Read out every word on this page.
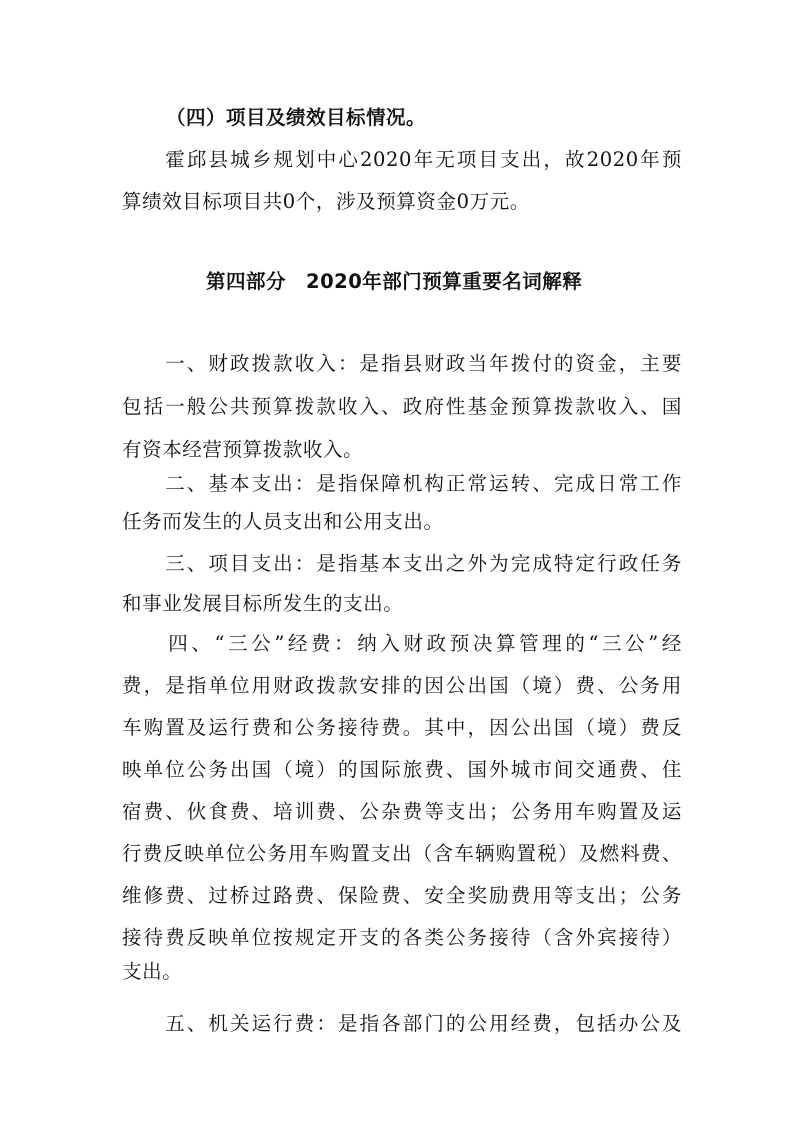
（四）项目及绩效目标情况。
　　霍邱县城乡规划中心2020年无项目支出，故2020年预
算绩效目标项目共0个，涉及预算资金0万元。
第四部分　2020年部门预算重要名词解释
　　一、财政拨款收入：是指县财政当年拨付的资金，主要
包括一般公共预算拨款收入、政府性基金预算拨款收入、国
有资本经营预算拨款收入。
　　二、基本支出：是指保障机构正常运转、完成日常工作
任务而发生的人员支出和公用支出。
　　三、项目支出：是指基本支出之外为完成特定行政任务
和事业发展目标所发生的支出。
　　四、“三公”经费：纳入财政预决算管理的“三公”经
费，是指单位用财政拨款安排的因公出国（境）费、公务用
车购置及运行费和公务接待费。其中，因公出国（境）费反
映单位公务出国（境）的国际旅费、国外城市间交通费、住
宿费、伙食费、培训费、公杂费等支出；公务用车购置及运
行费反映单位公务用车购置支出（含车辆购置税）及燃料费、
维修费、过桥过路费、保险费、安全奖励费用等支出；公务
接待费反映单位按规定开支的各类公务接待（含外宾接待）
支出。
　　五、机关运行费：是指各部门的公用经费，包括办公及
